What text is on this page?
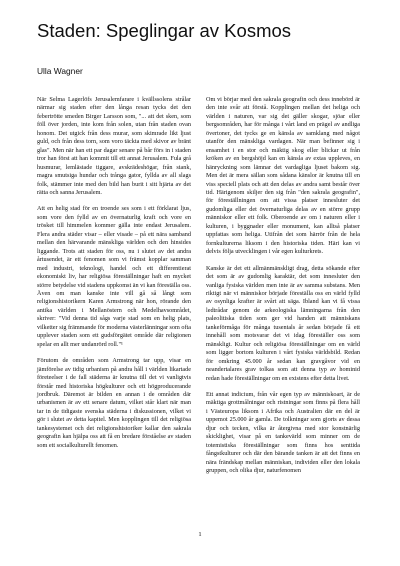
Staden: Speglingar av Kosmos
Ulla Wagner

När Selma Lagerlöfs Jerusalemfarare i kvällssolens strålar närmar sig staden efter den långa resan tycks det den febertrötte smeden Birger Larsson som, "... att det sken, som föll över jorden, inte kom från solen, utan från staden ovan honom. Det utgick från dess murar, som skimrade likt ljust guld, och från dess torn, som voro täckta med skivor av bränt glas". Men när han ett par dagar senare på bår förs in i staden tror han först att han kommit till ett annat Jerusalem. Fula grå husmurar, lemlästade tiggare, avskrädeshögar, från stank, magra smutsiga hundar och trånga gator, fyllda av all slags folk, stämmer inte med den bild han burit i sitt hjärta av det rätta och sanna Jerusalem.

Att en helig stad för en troende ses som i ett förklarat ljus, som vore den fylld av en övernaturlig kraft och vore en trösket till himmelen kommer gälla inte endast Jerusalem. Flera andra städer visar – eller visade – på ett nära samband mellan den härvarande mänskliga världen och den hinsides liggande. Trots att staden för oss, nu i slutet av det andra årtusendet, är ett fenomen som vi främst kopplar samman med industri, teknologi, handel och ett differentierat ekonomiskt liv, har religiösa föreställningar haft en mycket större betydelse vid stadens uppkomst än vi kan föreställa oss. Även om man kanske inte vill gå så långt som religionshistorikern Karen Armstrong när hon, rörande den antika världen i Mellanöstern och Medelhavsområdet, skriver: "Vid denna tid sågs varje stad som en helig plats, vilketter sig främmande för moderna västerlänningar som ofta upplever staden som ett gudsförgätet område där religionen spelar en allt mer undanrörd roll."¹

Förutom de områden som Armstrong tar upp, visar en jämförelse av tidig urbanism på andra håll i världen likartade företeelser i de fall städerna är knutna till det vi vanligtvis förstår med historiska högkulturer och ett högproducerande jordbruk. Däremot är bilden en annan i de områden där urbanismen är av ett senare datum, vilket står klart när man tar in de tidigaste svenska städerna i diskussionen, vilket vi gör i slutet av detta kapitel. Men kopplingen till det religiösa tankesystemet och det religionshistoriker kallar den sakrala geografin kan hjälpa oss att få en bredare förståelse av staden som ett socialkulturellt fenomen.

Om vi börjar med den sakrala geografin och dess innebörd är den inte svår att förstå. Kopplingen mellan det heliga och världen i naturen, var sig det gäller skogar, sjöar eller bergsområden, har för många i vårt land en prägel av andliga övertoner, det tycks ge en känsla av samklang med något utanför den mänskliga vardagen. När man befinner sig i ensamhet i en stor och mäktig skog eller blickar ut från kröken av en bergshöjd kan en känsla av extas uppleves, en hänryckning som lämnar det vardagliga ljuset bakom sig. Men det är mera sällan som sådana känslor är knutna till en viss speciell plats och att den delas av andra samt består över tid. Härigenom skiljer den sig från "den sakrala geografin", för föreställningen om att vissa platser innesluter det gudomliga eller det övernaturliga delas av en större grupp människor eller ett folk. Oberoende av om i naturen eller i kulturen, i byggnader eller monument, kan alltså platser uppfattas som heliga. Utifrån det som härrör från de hela fornkulturerna liksom i den historiska tiden. Häri kan vi delvis följa utvecklingen i vår egen kulturkrets.

Kanske är det ett allmänmänskligt drag, detta sökande efter det som är av gudomlig karaktär, det som innesluter den vanliga fysiska världen men inte är av samma substans. Men riktigt när vi människor började föreställa oss en värld fylld av osynliga krafter är svårt att säga. Ibland kan vi få vissa ledtrådar genom de arkeologiska lämningarna från den paleolitiska tiden som ger vid handen att människans tankeförmåga för många tusentals år sedan började få ett innehåll som motsvarar det vi idag föreställer oss som mänskligt. Kultur och religiösa föreställningar om en värld som ligger bortom kulturen i vårt fysiska världsbild. Redan för omkring 45.000 år sedan kan gravgåvor vid en neandertalares grav tolkas som att denna typ av hominid redan hade föreställningar om en existens efter detta livet.

Ett annat indicium, från vår egen typ av människoart, är de mäktiga grottmålningar och ristningar som finns på flera håll i Västeuropa liksom i Afrika och Australien där en del är uppemot 25.000 år gamla. De tolkningar som gjorts av dessa djur och tecken, vilka är återgivna med stor konstnärlig skicklighet, visar på en tankevärld som minner om de totemistiska föreställningar som finns hos senttida fångstkulturer och där den bärande tanken är att det finns en nära frändskap mellan människan, individen eller den lokala gruppen, och olika djur, naturfenomen

1
